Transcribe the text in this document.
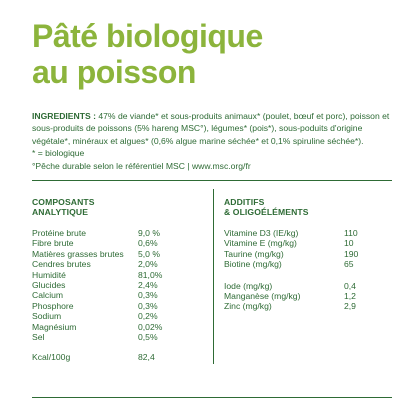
Pâté biologique
au poisson

INGREDIENTS : 47% de viande* et sous-produits animaux* (poulet, bœuf et porc), poisson et sous-produits de poissons (5% hareng MSC°), légumes* (pois*), sous-poduits d'origine végétale*, minéraux et algues* (0,6% algue marine séchée* et 0,1% spiruline séchée*).

* = biologique

°Pêche durable selon le référentiel MSC | www.msc.org/fr

COMPOSANTS
ANALYTIQUE
Protéine brute	9,0 %
Fibre brute	0,6%
Matières grasses brutes 5,0 %
Cendres brutes	2,0%
Humidité	81,0%
Glucides	2,4%
Calcium	0,3%
Phosphore	0,3%
Sodium	0,2%
Magnésium	0,02%
Sel	0,5%
Kcal/100g	82,4
ADDITIFS
& OLIGOÉLÉMENTS
Vitamine D3 (IE/kg)	110
Vitamine E (mg/kg)	10
Taurine (mg/kg)	190
Biotine (mg/kg)	65
Iode (mg/kg)	0,4
Manganèse (mg/kg)	1,2
Zinc (mg/kg)	2,9
